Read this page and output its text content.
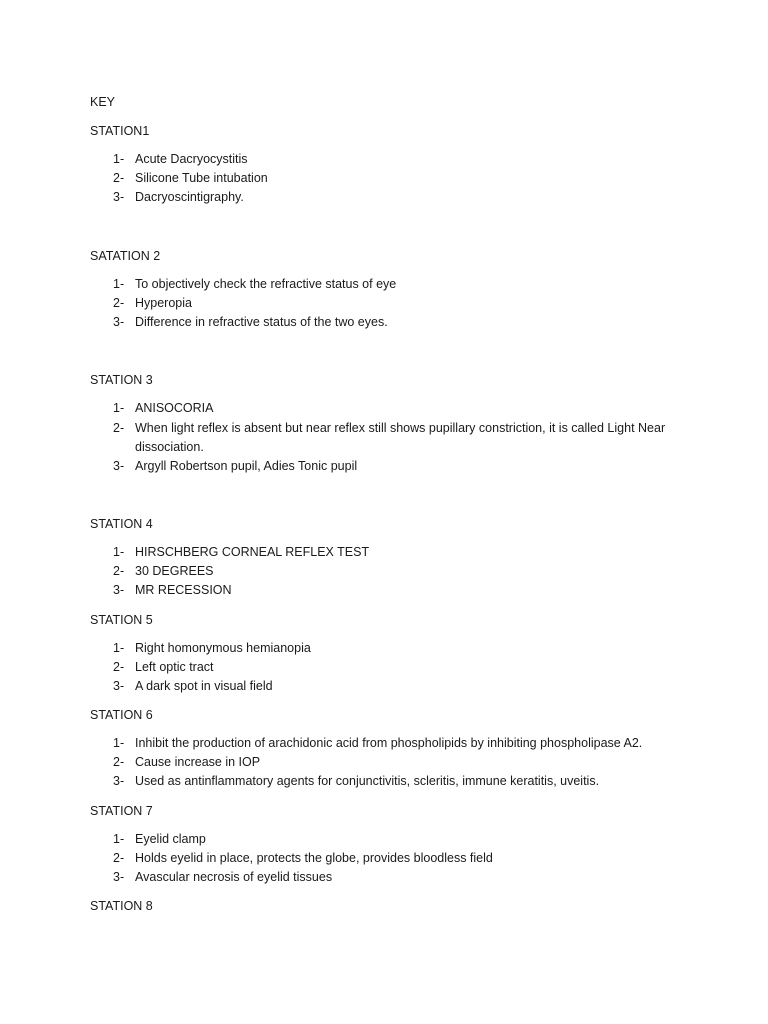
KEY
STATION1
1- Acute Dacryocystitis
2- Silicone Tube intubation
3- Dacryoscintigraphy.
SATATION 2
1- To objectively check the refractive status of eye
2- Hyperopia
3- Difference in refractive status of the two eyes.
STATION 3
1- ANISOCORIA
2- When light reflex is absent but near reflex still shows pupillary constriction, it is called Light Near dissociation.
3- Argyll Robertson pupil, Adies Tonic pupil
STATION 4
1- HIRSCHBERG CORNEAL REFLEX TEST
2- 30 DEGREES
3- MR RECESSION
STATION 5
1- Right homonymous hemianopia
2- Left optic tract
3- A dark spot in visual field
STATION 6
1- Inhibit the production of arachidonic acid from phospholipids by inhibiting phospholipase A2.
2- Cause increase in IOP
3- Used as antinflammatory agents for conjunctivitis, scleritis, immune keratitis, uveitis.
STATION 7
1- Eyelid clamp
2- Holds eyelid in place, protects the globe, provides bloodless field
3- Avascular necrosis of eyelid tissues
STATION 8
